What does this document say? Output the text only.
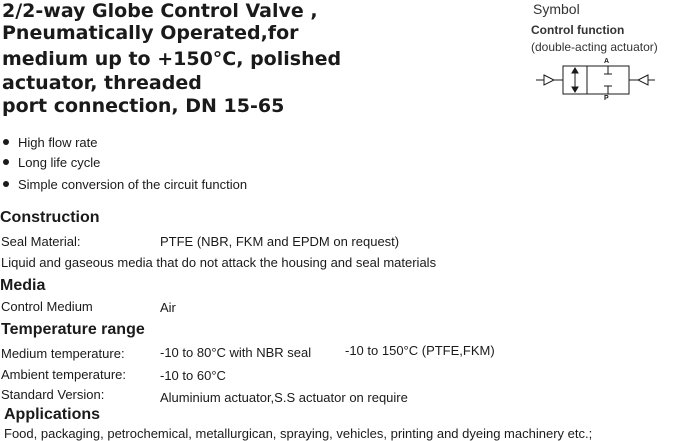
2/2-way Globe Control Valve ,
Pneumatically Operated,for
medium up to +150°C, polished
actuator, threaded
port connection, DN 15-65
Symbol
Control function
(double-acting actuator)
A
P
High flow rate
Long life cycle
Simple conversion of the circuit function
Construction
Seal Material:	PTFE (NBR, FKM and EPDM on request)
Liquid and gaseous media that do not attack the housing and seal materials
Media
Control Medium	Air
Temperature range
Medium temperature:	-10 to 80°C with NBR seal	-10 to 150°C (PTFE,FKM)
Ambient temperature:	-10 to 60°C
Standard Version:	Aluminium actuator,S.S actuator on require
Applications
Food, packaging, petrochemical, metallurgican, spraying, vehicles, printing and dyeing machinery etc.;
